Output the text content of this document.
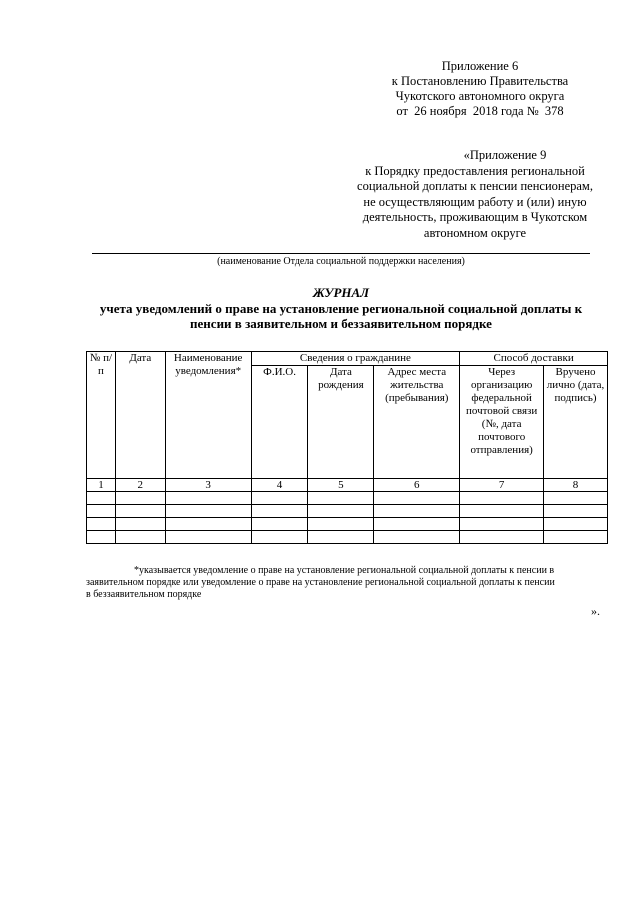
Приложение 6
к Постановлению Правительства
Чукотского автономного округа
от  26 ноября  2018 года №  378
«Приложение 9
к Порядку предоставления региональной
социальной доплаты к пенсии пенсионерам,
не осуществляющим работу и (или) иную
деятельность, проживающим в Чукотском
автономном округе
(наименование Отдела социальной поддержки населения)
ЖУРНАЛ
учета уведомлений о праве на установление региональной социальной доплаты к
пенсии в заявительном и беззаявительном порядке
№ п/п	Дата	Наименование уведомления*	Сведения о гражданине			Способ доставки	
			Ф.И.О.	Дата рождения	Адрес места жительства (пребывания)	Через организацию федеральной почтовой связи (№, дата почтового отправления)	Вручено лично (дата, подпись)
1	2	3	4	5	6	7	8

*указывается уведомление о праве на установление региональной социальной доплаты к пенсии в
заявительном порядке или уведомление о праве на установление региональной социальной доплаты к пенсии
в беззаявительном порядке
».
